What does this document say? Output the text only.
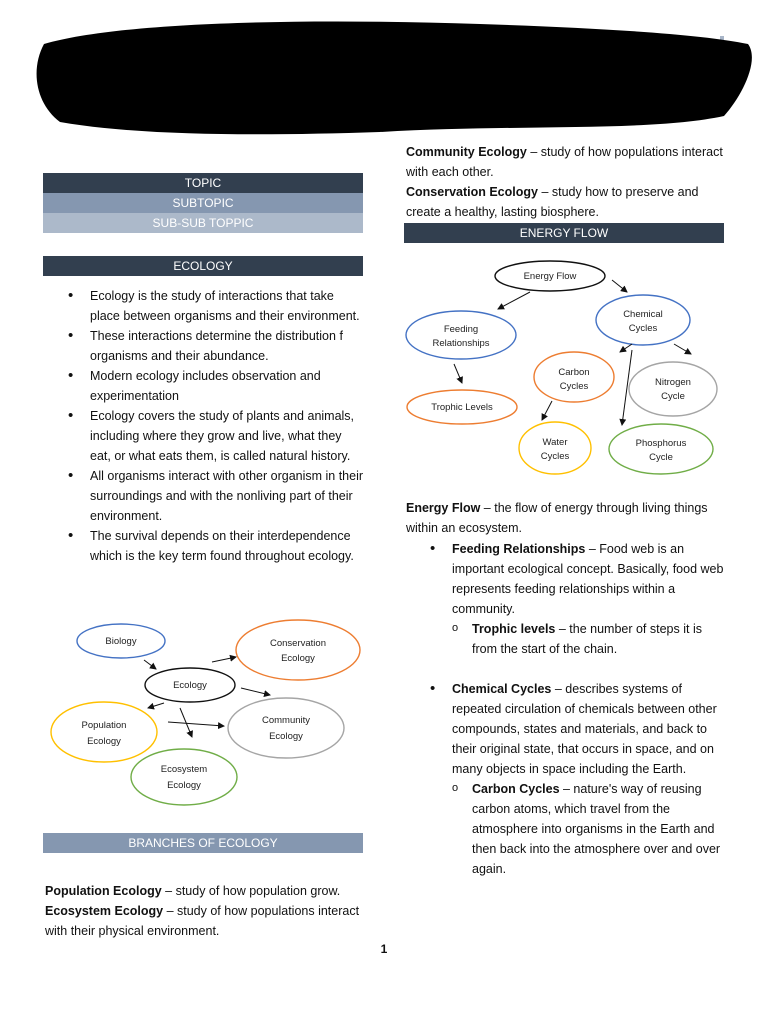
TOPIC
SUBTOPIC
SUB-SUB TOPPIC
ECOLOGY
• Ecology is the study of interactions that take place between organisms and their environment.
• These interactions determine the distribution f organisms and their abundance.
• Modern ecology includes observation and experimentation
• Ecology covers the study of plants and animals, including where they grow and live, what they eat, or what eats them, is called natural history.
• All organisms interact with other organism in their surroundings and with the nonliving part of their environment.
• The survival depends on their interdependence which is the key term found throughout ecology.
Biology	Conservation
Ecology
Ecology
Population
Ecology
Community
Ecology
Ecosystem
Ecology
BRANCHES OF ECOLOGY
Population Ecology – study of how population grow.
Ecosystem Ecology – study of how populations interact with their physical environment.
Community Ecology – study of how populations interact with each other.
Conservation Ecology – study how to preserve and create a healthy, lasting biosphere.
ENERGY FLOW
Energy Flow
Chemical
Cycles
Feeding
Relationships
Carbon
Cycles	Nitrogen
Cycle
Trophic Levels
Water
Cycles
Phosphorus
Cycle
Energy Flow – the flow of energy through living things within an ecosystem.
• Feeding Relationships – Food web is an important ecological concept. Basically, food web represents feeding relationships within a community.
o Trophic levels – the number of steps it is from the start of the chain.
• Chemical Cycles – describes systems of repeated circulation of chemicals between other compounds, states and materials, and back to their original state, that occurs in space, and on many objects in space including the Earth.
o Carbon Cycles – nature's way of reusing carbon atoms, which travel from the atmosphere into organisms in the Earth and then back into the atmosphere over and over again.
1
